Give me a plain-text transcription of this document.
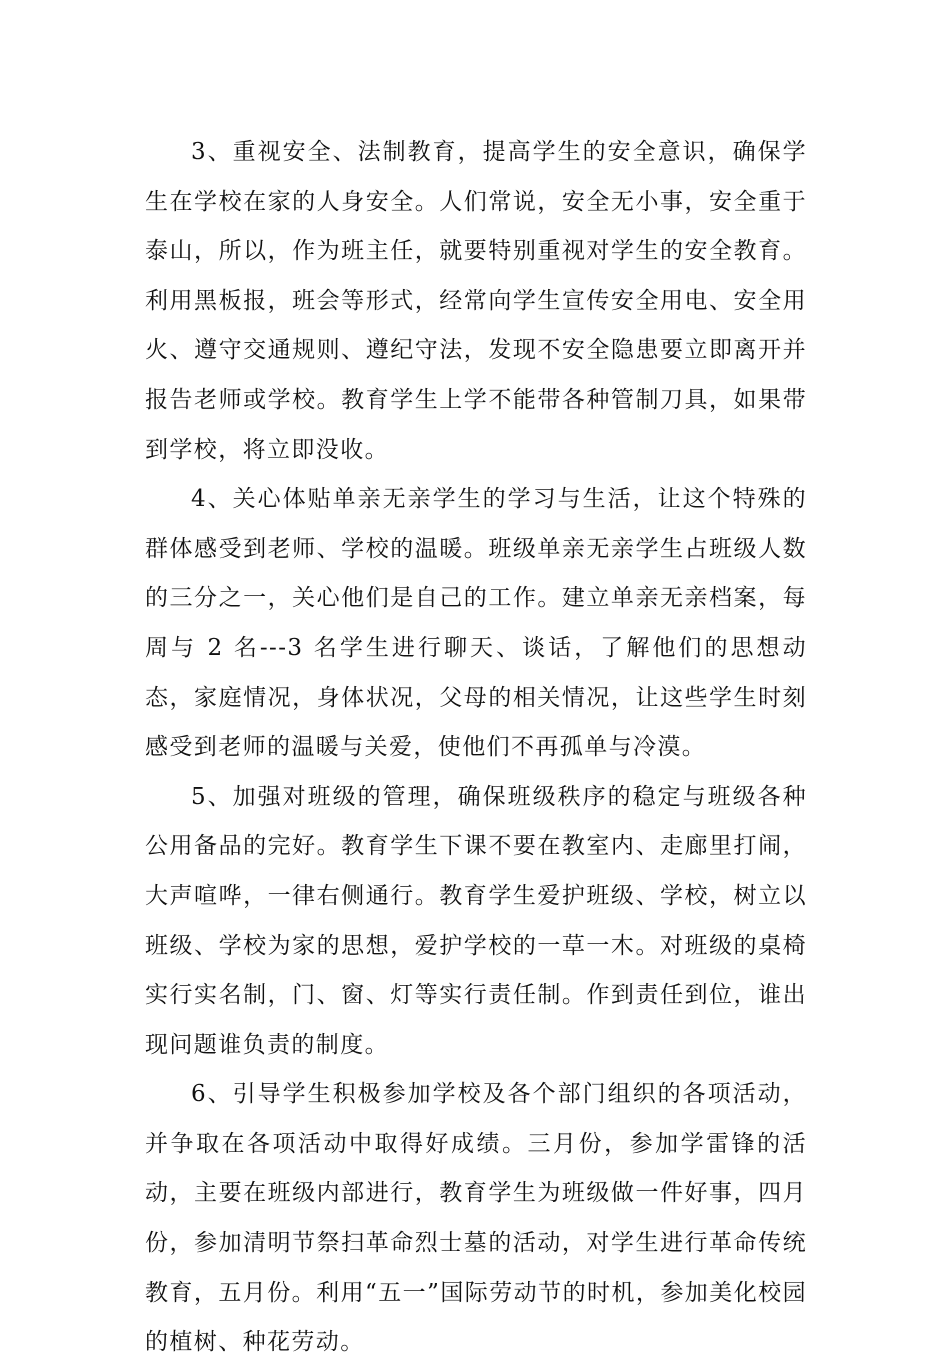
3、重视安全、法制教育，提高学生的安全意识，确保学生在学校在家的人身安全。人们常说，安全无小事，安全重于泰山，所以，作为班主任，就要特别重视对学生的安全教育。利用黑板报，班会等形式，经常向学生宣传安全用电、安全用火、遵守交通规则、遵纪守法，发现不安全隐患要立即离开并报告老师或学校。教育学生上学不能带各种管制刀具，如果带到学校，将立即没收。

4、关心体贴单亲无亲学生的学习与生活，让这个特殊的群体感受到老师、学校的温暖。班级单亲无亲学生占班级人数的三分之一，关心他们是自己的工作。建立单亲无亲档案，每周与 2 名---3 名学生进行聊天、谈话，了解他们的思想动态，家庭情况，身体状况，父母的相关情况，让这些学生时刻感受到老师的温暖与关爱，使他们不再孤单与冷漠。

5、加强对班级的管理，确保班级秩序的稳定与班级各种公用备品的完好。教育学生下课不要在教室内、走廊里打闹，大声喧哗，一律右侧通行。教育学生爱护班级、学校，树立以班级、学校为家的思想，爱护学校的一草一木。对班级的桌椅实行实名制，门、窗、灯等实行责任制。作到责任到位，谁出现问题谁负责的制度。

6、引导学生积极参加学校及各个部门组织的各项活动，并争取在各项活动中取得好成绩。三月份，参加学雷锋的活动，主要在班级内部进行，教育学生为班级做一件好事，四月份，参加清明节祭扫革命烈士墓的活动，对学生进行革命传统教育，五月份。利用“五一”国际劳动节的时机，参加美化校园的植树、种花劳动。
